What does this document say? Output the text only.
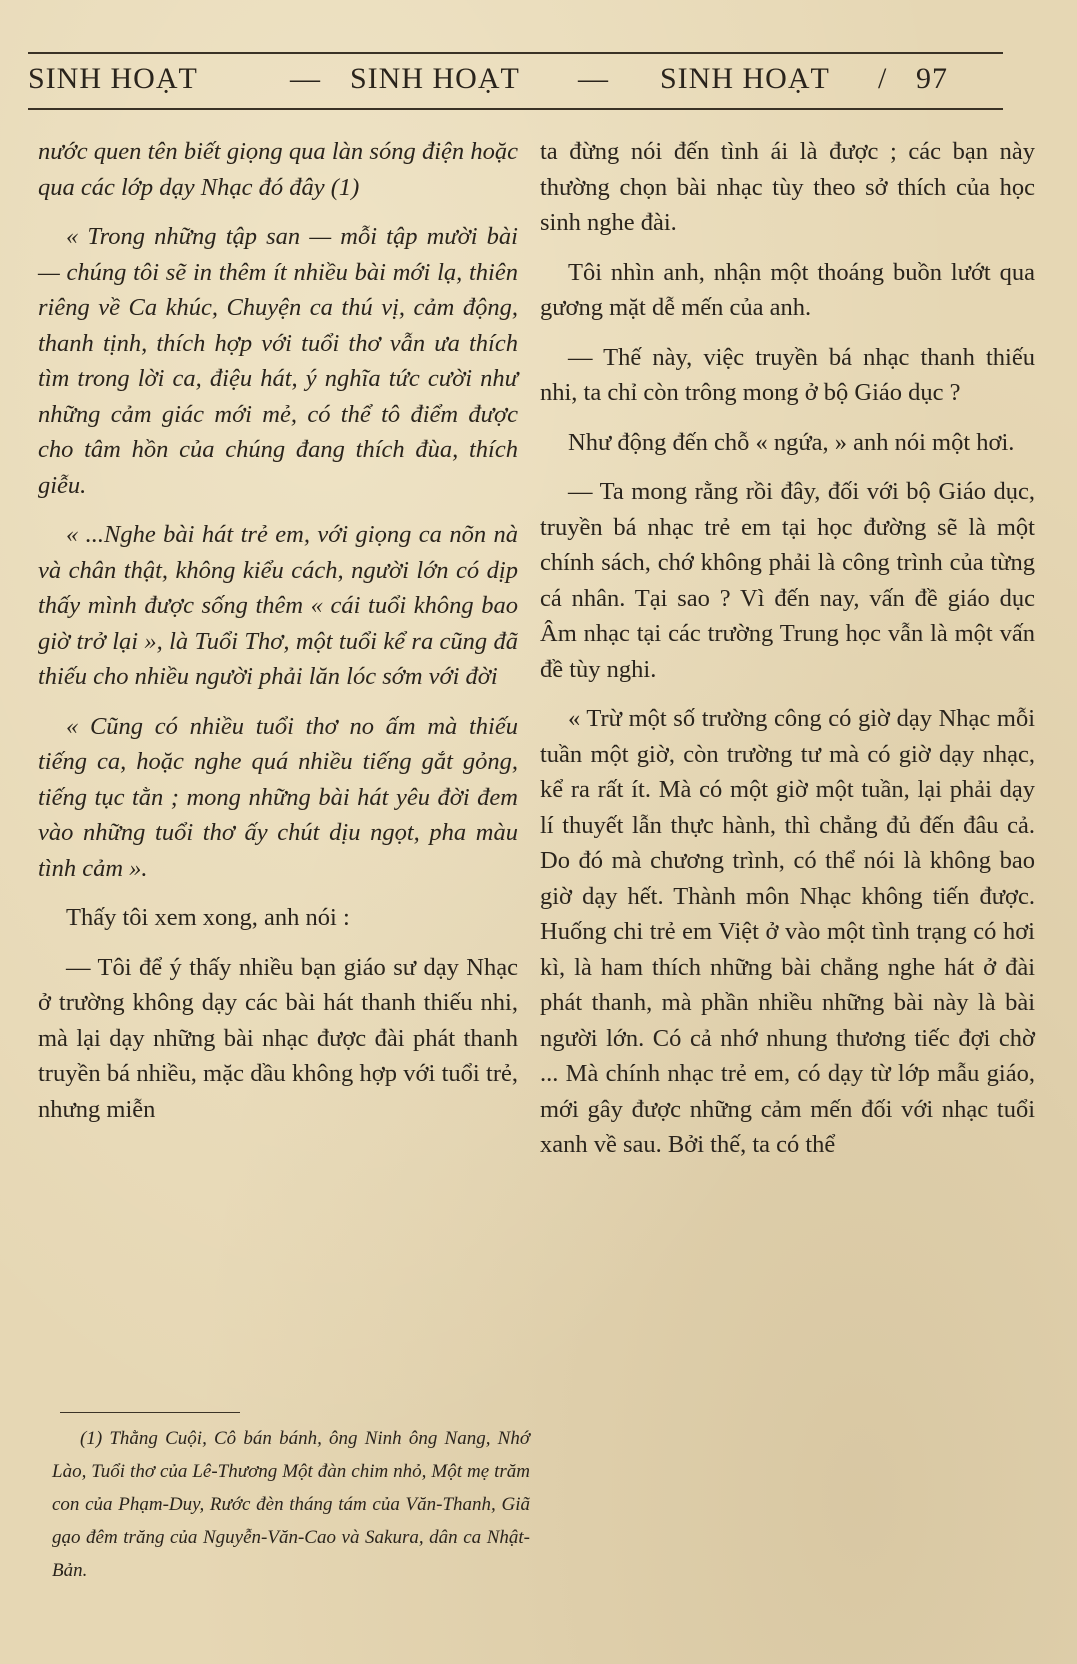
SINH HOẠT	— SINH HOẠT — SINH HOẠT / 97

nước quen tên biết giọng qua làn sóng điện hoặc qua các lớp dạy Nhạc đó đây (1)

« Trong những tập san — mỗi tập mười bài — chúng tôi sẽ in thêm ít nhiều bài mới lạ, thiên riêng về Ca khúc, Chuyện ca thú vị, cảm động, thanh tịnh, thích hợp với tuổi thơ vẫn ưa thích tìm trong lời ca, điệu hát, ý nghĩa tức cười như những cảm giác mới mẻ, có thể tô điểm được cho tâm hồn của chúng đang thích đùa, thích giễu.

« ...Nghe bài hát trẻ em, với giọng ca nõn nà và chân thật, không kiểu cách, người lớn có dịp thấy mình được sống thêm « cái tuổi không bao giờ trở lại », là Tuổi Thơ, một tuổi kể ra cũng đã thiếu cho nhiều người phải lăn lóc sớm với đời

« Cũng có nhiều tuổi thơ no ấm mà thiếu tiếng ca, hoặc nghe quá nhiều tiếng gắt gỏng, tiếng tục tằn ; mong những bài hát yêu đời đem vào những tuổi thơ ấy chút dịu ngọt, pha màu tình cảm ».

Thấy tôi xem xong, anh nói :

— Tôi để ý thấy nhiều bạn giáo sư dạy Nhạc ở trường không dạy các bài hát thanh thiếu nhi, mà lại dạy những bài nhạc được đài phát thanh truyền bá nhiều, mặc dầu không hợp với tuổi trẻ, nhưng miễn

ta đừng nói đến tình ái là được ; các bạn này thường chọn bài nhạc tùy theo sở thích của học sinh nghe đài.

Tôi nhìn anh, nhận một thoáng buồn lướt qua gương mặt dễ mến của anh.

— Thế này, việc truyền bá nhạc thanh thiếu nhi, ta chỉ còn trông mong ở bộ Giáo dục ?

Như động đến chỗ « ngứa, » anh nói một hơi.

— Ta mong rằng rồi đây, đối với bộ Giáo dục, truyền bá nhạc trẻ em tại học đường sẽ là một chính sách, chớ không phải là công trình của từng cá nhân. Tại sao ? Vì đến nay, vấn đề giáo dục Âm nhạc tại các trường Trung học vẫn là một vấn đề tùy nghi.

« Trừ một số trường công có giờ dạy Nhạc mỗi tuần một giờ, còn trường tư mà có giờ dạy nhạc, kể ra rất ít. Mà có một giờ một tuần, lại phải dạy lí thuyết lẫn thực hành, thì chẳng đủ đến đâu cả. Do đó mà chương trình, có thể nói là không bao giờ dạy hết. Thành môn Nhạc không tiến được. Huống chi trẻ em Việt ở vào một tình trạng có hơi kì, là ham thích những bài chẳng nghe hát ở đài phát thanh, mà phần nhiều những bài này là bài người lớn. Có cả nhớ nhung thương tiếc đợi chờ ... Mà chính nhạc trẻ em, có dạy từ lớp mẫu giáo, mới gây được những cảm mến đối với nhạc tuổi xanh về sau. Bởi thế, ta có thể

(1) Thằng Cuội, Cô bán bánh, ông Ninh ông Nang, Nhớ Lào, Tuổi thơ của Lê-Thương Một đàn chim nhỏ, Một mẹ trăm con của Phạm-Duy, Rước đèn tháng tám của Văn-Thanh, Giã gạo đêm trăng của Nguyễn-Văn-Cao và Sakura, dân ca Nhật-Bản.
